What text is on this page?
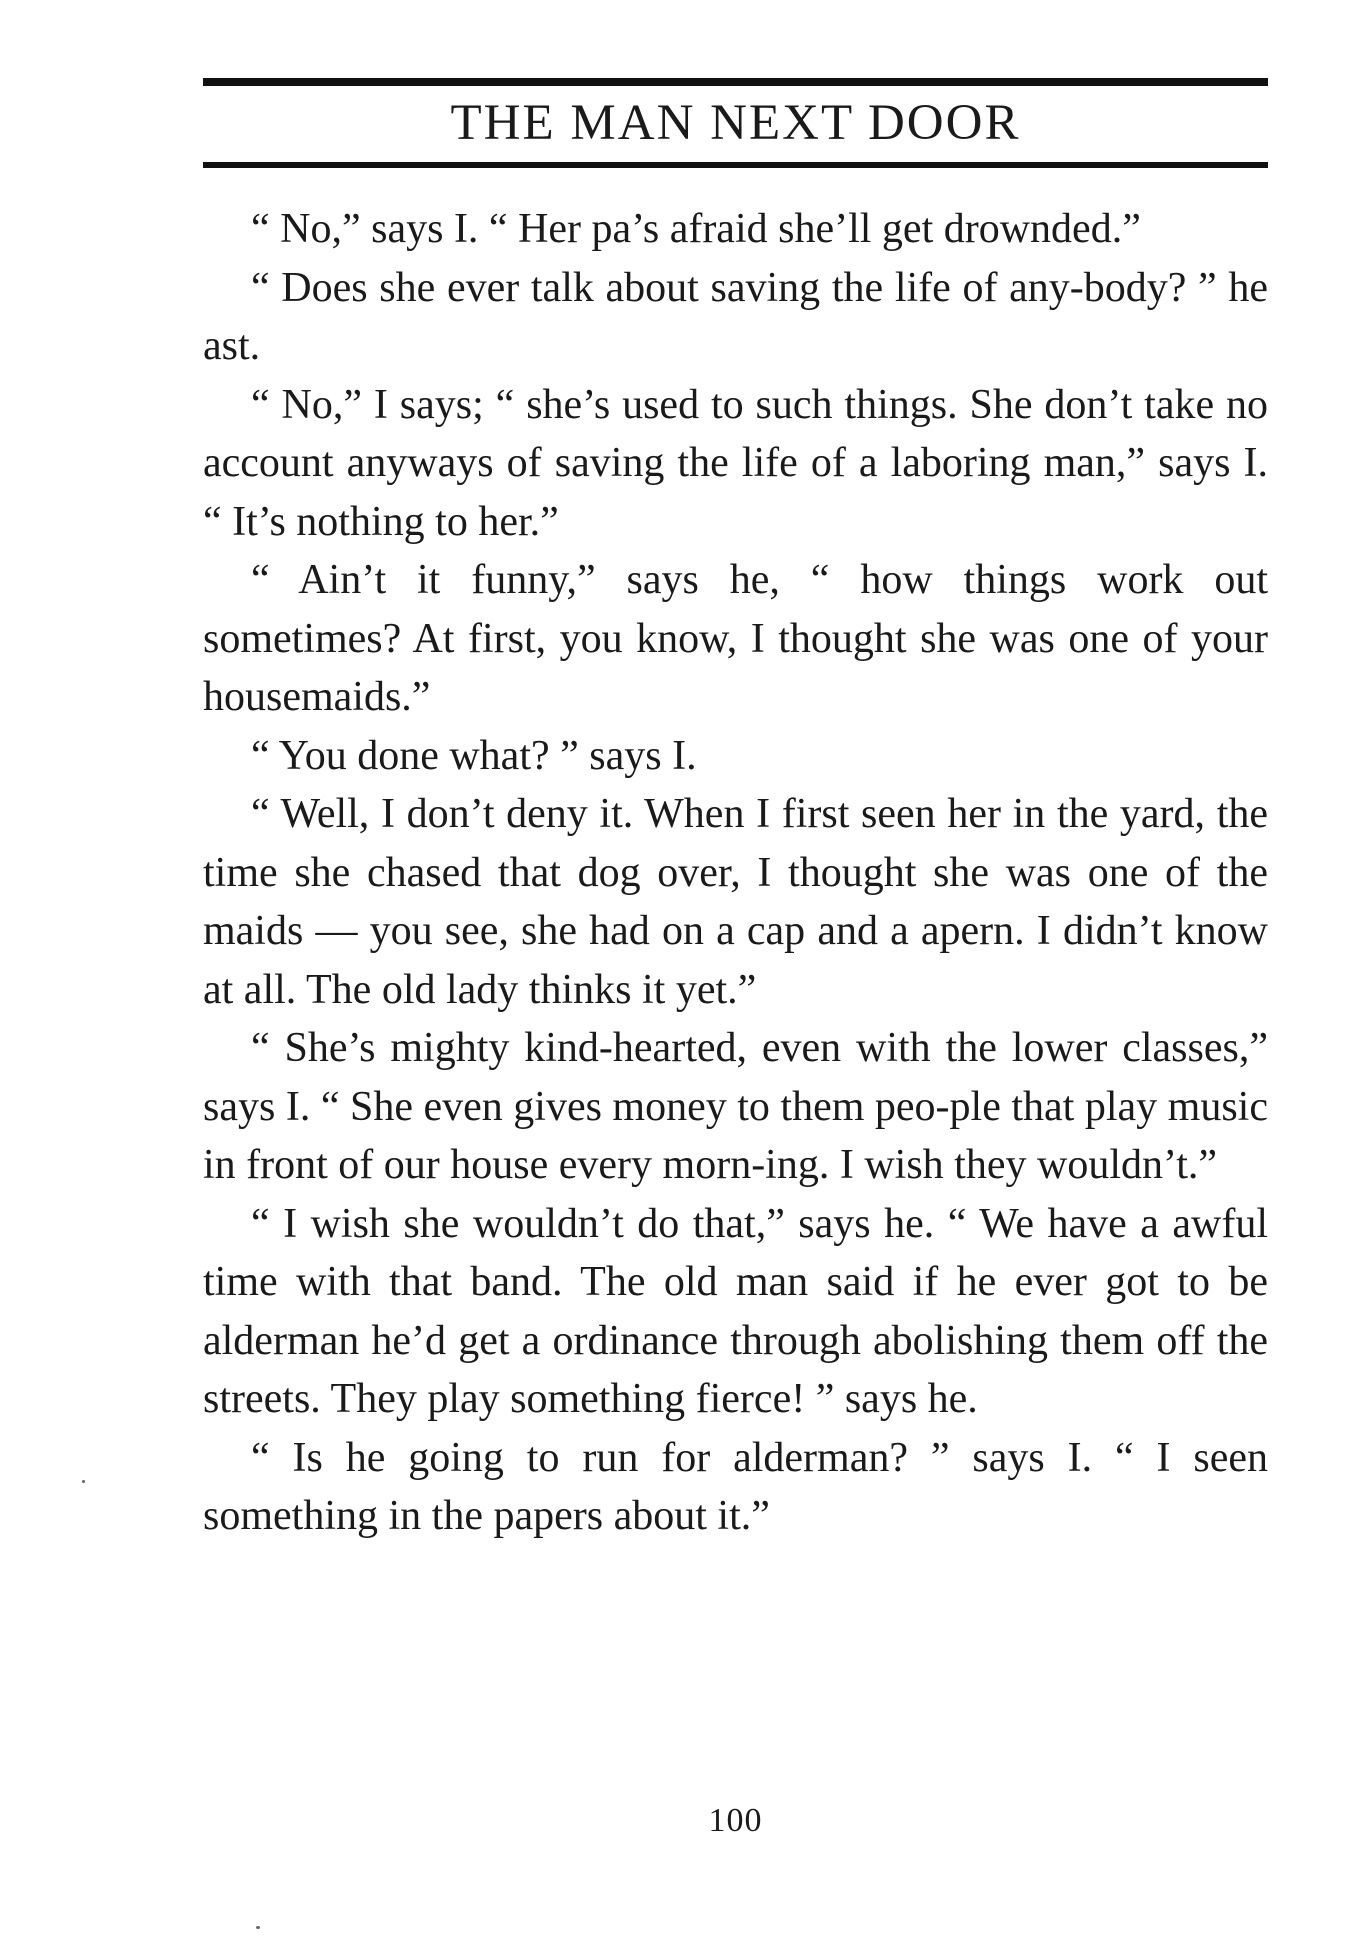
THE MAN NEXT DOOR

“ No,” says I. “ Her pa’s afraid she’ll get drownded.”

“ Does she ever talk about saving the life of any-body? ” he ast.

“ No,” I says; “ she’s used to such things. She don’t take no account anyways of saving the life of a laboring man,” says I. “ It’s nothing to her.”

“ Ain’t it funny,” says he, “ how things work out sometimes? At first, you know, I thought she was one of your housemaids.”

“ You done what? ” says I.

“ Well, I don’t deny it. When I first seen her in the yard, the time she chased that dog over, I thought she was one of the maids — you see, she had on a cap and a apern. I didn’t know at all. The old lady thinks it yet.”

“ She’s mighty kind-hearted, even with the lower classes,” says I. “ She even gives money to them peo-ple that play music in front of our house every morn-ing. I wish they wouldn’t.”

“ I wish she wouldn’t do that,” says he. “ We have a awful time with that band. The old man said if he ever got to be alderman he’d get a ordinance through abolishing them off the streets. They play something fierce! ” says he.

“ Is he going to run for alderman? ” says I. “ I seen something in the papers about it.”

100
